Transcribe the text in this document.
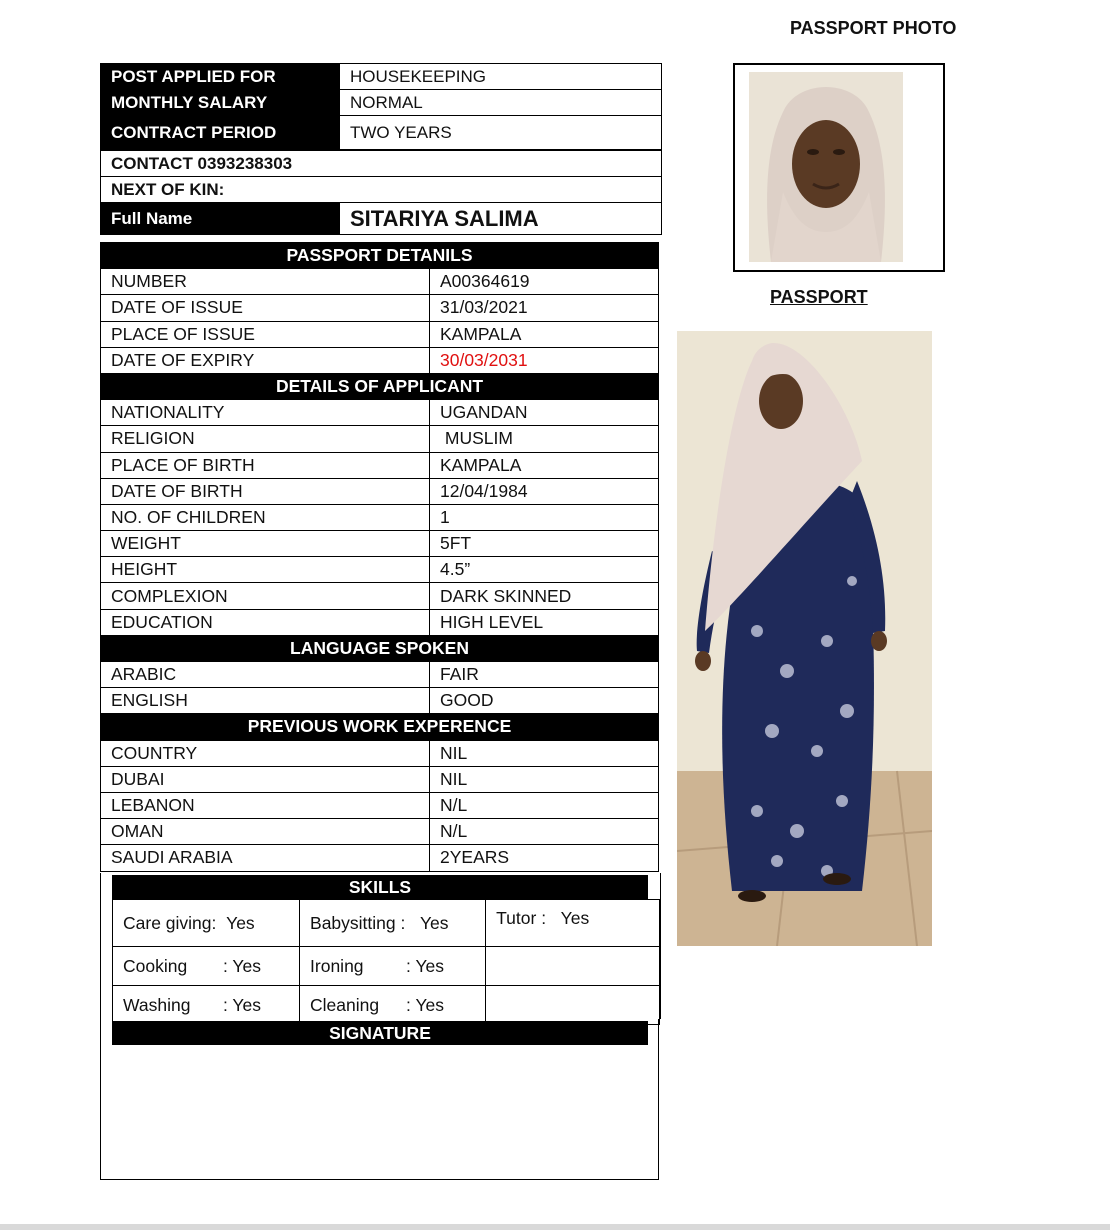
POST APPLIED FOR	HOUSEKEEPING
MONTHLY SALARY	NORMAL
CONTRACT PERIOD	TWO YEARS
CONTACT 0393238303	
NEXT OF KIN:	
Full Name	SITARIYA SALIMA
PASSPORT DETANILS	
NUMBER	A00364619
DATE OF ISSUE	31/03/2021
PLACE OF ISSUE	KAMPALA
DATE OF EXPIRY	30/03/2031
DETAILS OF APPLICANT	
NATIONALITY	UGANDAN
RELIGION	MUSLIM
PLACE OF BIRTH	KAMPALA
DATE OF BIRTH	12/04/1984
NO. OF CHILDREN	1
WEIGHT	5FT
HEIGHT	4.5”
COMPLEXION	DARK SKINNED
EDUCATION	HIGH LEVEL
LANGUAGE SPOKEN	
ARABIC	FAIR
ENGLISH	GOOD
PREVIOUS WORK EXPERENCE	
COUNTRY	NIL
DUBAI	NIL
LEBANON	N/L
OMAN	N/L
SAUDI ARABIA	2YEARS
SKILLS
Care giving: Yes	Babysitting : Yes	Tutor : Yes
Cooking : Yes	Ironing : Yes	
Washing : Yes	Cleaning : Yes	
SIGNATURE
PASSPORT PHOTO
PASSPORT
